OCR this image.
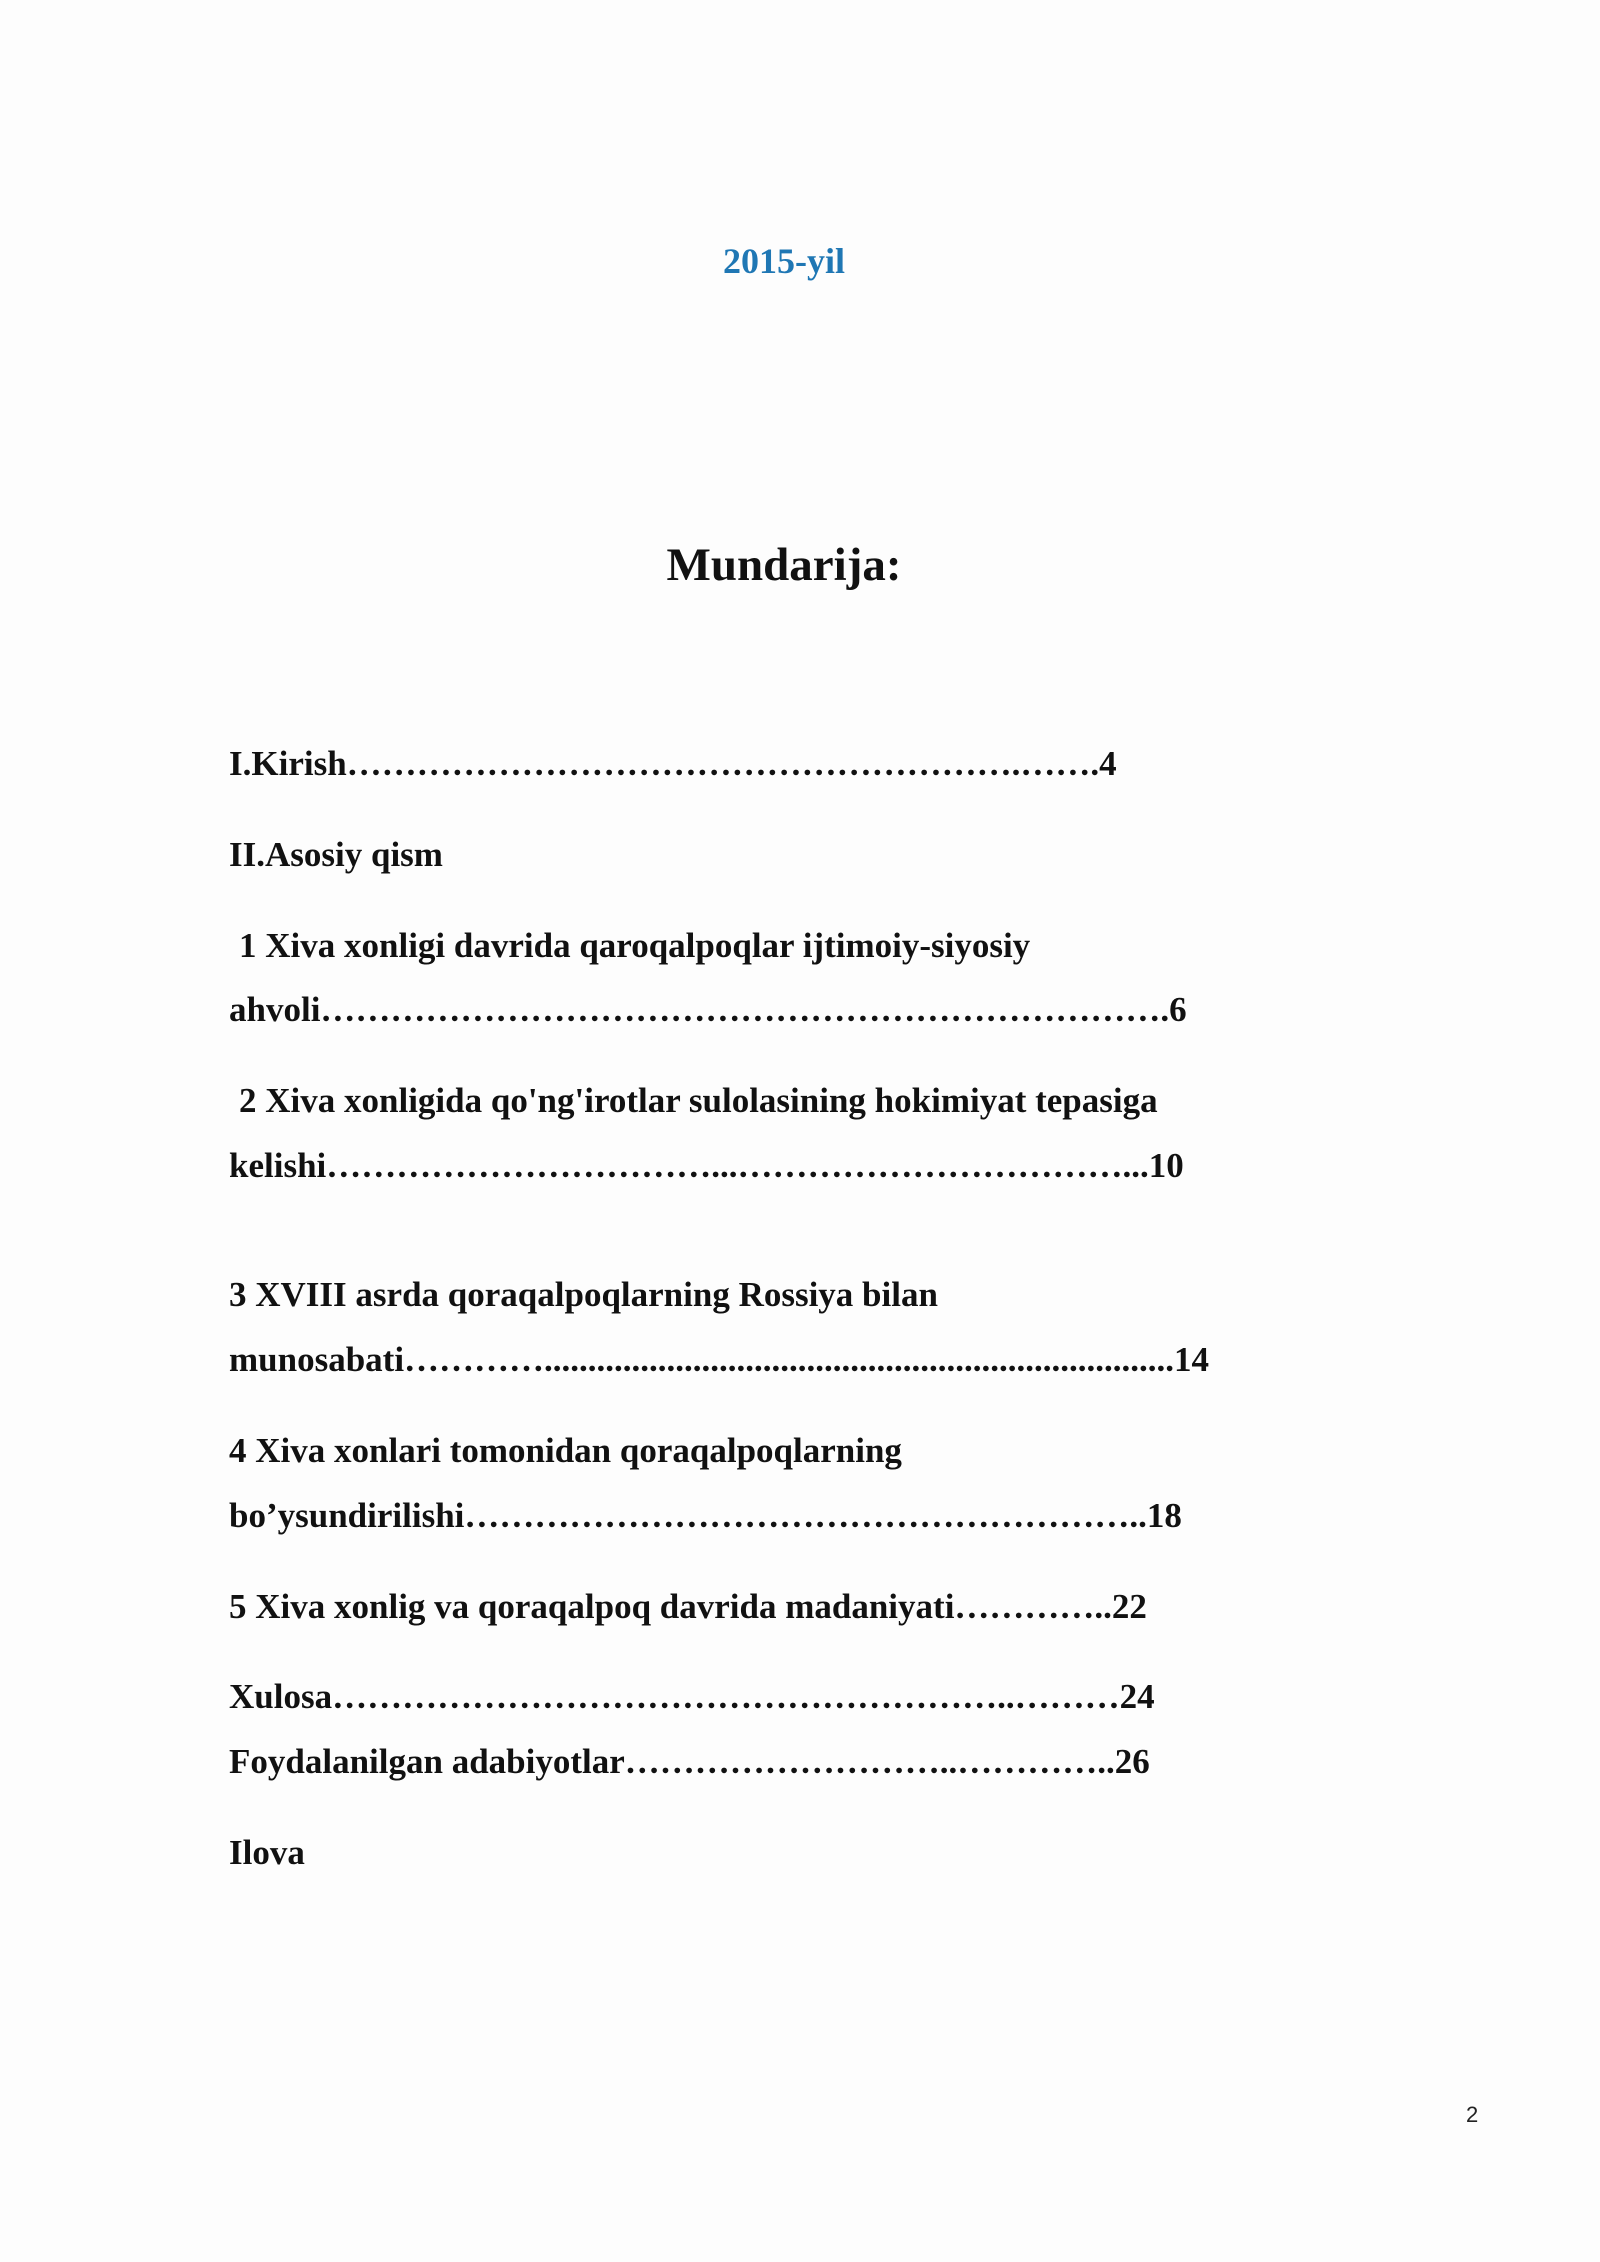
2015-yil
Mundarija:
I.Kirish………………………………………………….…….4
II.Asosiy qism
1 Xiva xonligi davrida qaroqalpoqlar ijtimoiy-siyosiy
ahvoli……………………………………………………………….6
2 Xiva xonligida qo'ng'irotlar sulolasining hokimiyat tepasiga
kelishi……………………………...……………………………...10
3 XVIII asrda qoraqalpoqlarning Rossiya bilan
munosabati…………........................................................................14
4 Xiva xonlari tomonidan qoraqalpoqlarning
bo’ysundirilishi…………………………………………………..18
5 Xiva xonlig va qoraqalpoq davrida madaniyati…………..22
Xulosa…………………………………………………..………24
Foydalanilgan adabiyotlar………………………..…………..26
Ilova
2
